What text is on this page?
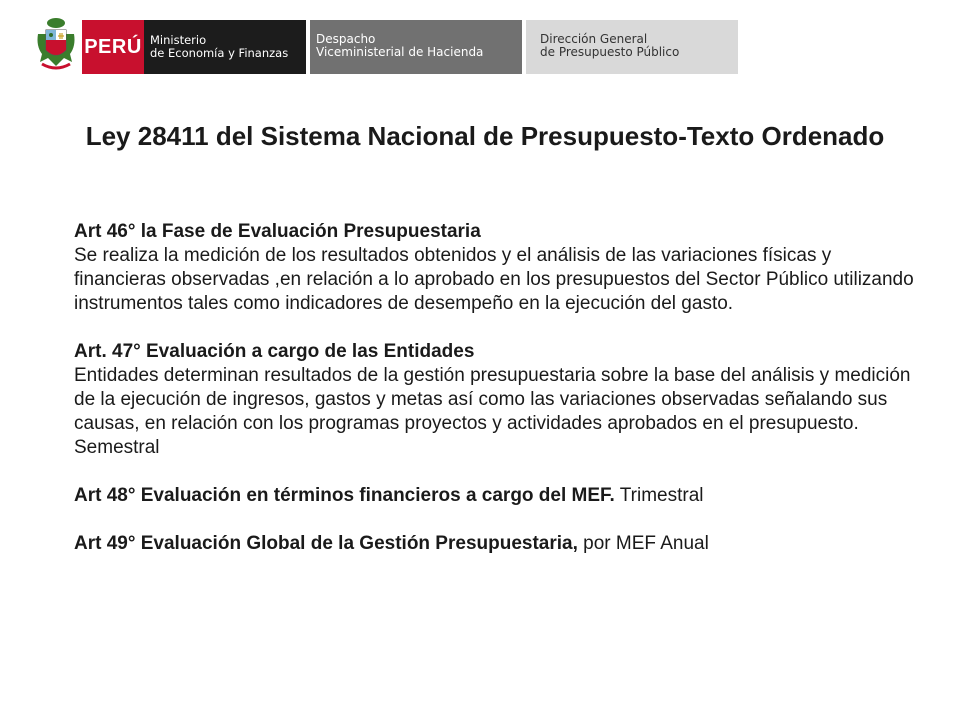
PERÚ Ministerio
de Economía y Finanzas
Despacho
Viceministerial de Hacienda
Dirección General
de Presupuesto Público
Ley 28411 del Sistema Nacional de Presupuesto-Texto Ordenado
Art 46° la Fase de Evaluación Presupuestaria
Se realiza la medición de los resultados obtenidos y el análisis de las variaciones físicas y financieras observadas ,en relación a lo aprobado en los presupuestos del Sector Público utilizando instrumentos tales como indicadores de desempeño en la ejecución del gasto.
Art. 47° Evaluación a cargo de las Entidades
Entidades determinan resultados de la gestión presupuestaria sobre la base del análisis y medición de la ejecución de ingresos, gastos y metas así como las variaciones observadas señalando sus causas, en relación con los programas proyectos y actividades aprobados en el presupuesto. Semestral
Art 48° Evaluación en términos financieros a cargo del MEF. Trimestral
Art 49° Evaluación Global de la Gestión Presupuestaria, por MEF Anual
